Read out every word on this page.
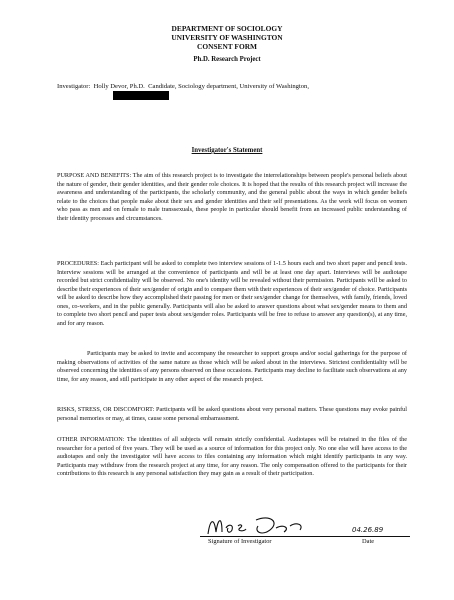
DEPARTMENT OF SOCIOLOGY
UNIVERSITY OF WASHINGTON
CONSENT FORM
Ph.D. Research Project
Investigator: Holly Devor, Ph.D. Candidate, Sociology department, University of Washington,

Investigator's Statement

PURPOSE AND BENEFITS: The aim of this research project is to investigate the interrelationships between people's personal beliefs about the nature of gender, their gender identities, and their gender role choices. It is hoped that the results of this research project will increase the awareness and understanding of the participants, the scholarly community, and the general public about the ways in which gender beliefs relate to the choices that people make about their sex and gender identities and their self presentations. As the work will focus on women who pass as men and on female to male transsexuals, these people in particular should benefit from an increased public understanding of their identity processes and circumstances.

PROCEDURES: Each participant will be asked to complete two interview sessions of 1-1.5 hours each and two short paper and pencil tests. Interview sessions will be arranged at the convenience of participants and will be at least one day apart. Interviews will be audiotape recorded but strict confidentiality will be observed. No one's identity will be revealed without their permission. Participants will be asked to describe their experiences of their sex/gender of origin and to compare them with their experiences of their sex/gender of choice. Participants will be asked to describe how they accomplished their passing for men or their sex/gender change for themselves, with family, friends, loved ones, co-workers, and in the public generally. Participants will also be asked to answer questions about what sex/gender means to them and to complete two short pencil and paper tests about sex/gender roles. Participants will be free to refuse to answer any question(s), at any time, and for any reason.

Participants may be asked to invite and accompany the researcher to support groups and/or social gatherings for the purpose of making observations of activities of the same nature as those which will be asked about in the interviews. Strictest confidentiality will be observed concerning the identities of any persons observed on these occasions. Participants may decline to facilitate such observations at any time, for any reason, and still participate in any other aspect of the research project.

RISKS, STRESS, OR DISCOMFORT: Participants will be asked questions about very personal matters. These questions may evoke painful personal memories or may, at times, cause some personal embarrassment.

OTHER INFORMATION: The identities of all subjects will remain strictly confidential. Audiotapes will be retained in the files of the researcher for a period of five years. They will be used as a source of information for this project only. No one else will have access to the audiotapes and only the investigator will have access to files containing any information which might identify participants in any way. Participants may withdraw from the research project at any time, for any reason. The only compensation offered to the participants for their contributions to this research is any personal satisfaction they may gain as a result of their participation.

04.26.89
Signature of Investigator	Date
